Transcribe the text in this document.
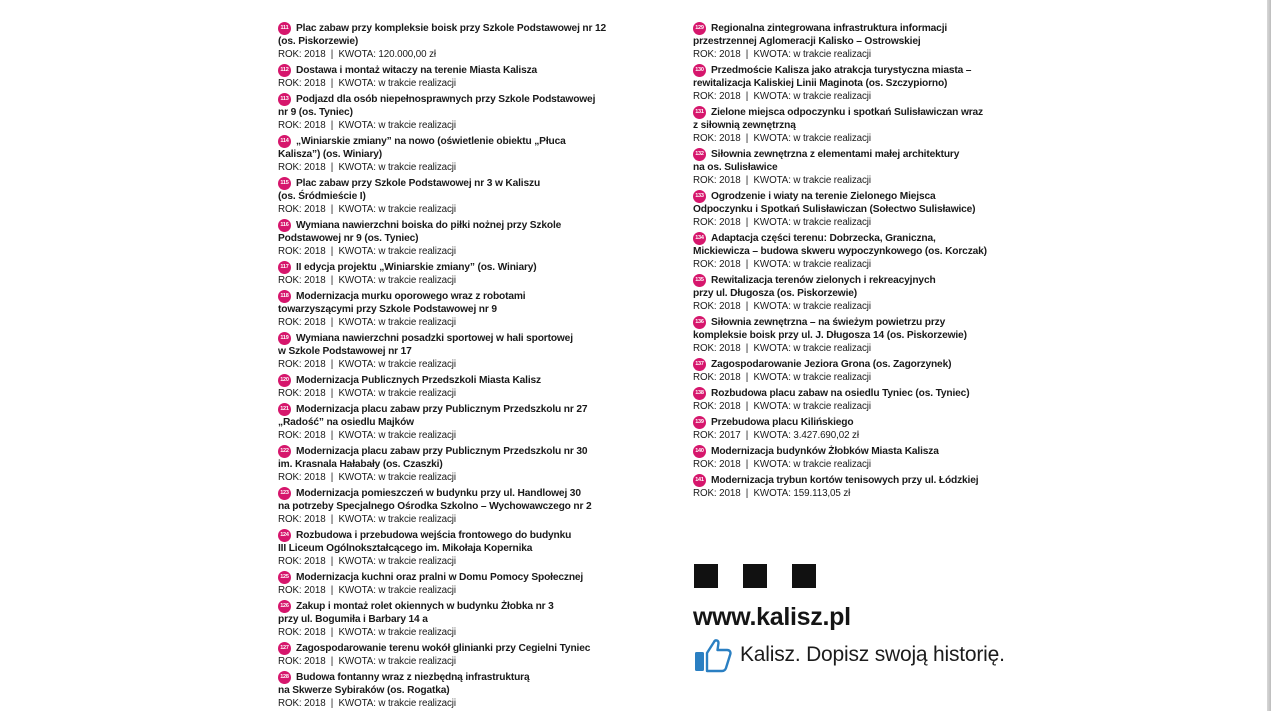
111 Plac zabaw przy kompleksie boisk przy Szkole Podstawowej nr 12
(os. Piskorzewie)
ROK: 2018  |  KWOTA: 120.000,00 zł
112 Dostawa i montaż witaczy na terenie Miasta Kalisza
ROK: 2018  |  KWOTA: w trakcie realizacji
113 Podjazd dla osób niepełnosprawnych przy Szkole Podstawowej
nr 9 (os. Tyniec)
ROK: 2018  |  KWOTA: w trakcie realizacji
114 „Winiarskie zmiany” na nowo (oświetlenie obiektu „Płuca
Kalisza”) (os. Winiary)
ROK: 2018  |  KWOTA: w trakcie realizacji
115 Plac zabaw przy Szkole Podstawowej nr 3 w Kaliszu
(os. Śródmieście I)
ROK: 2018  |  KWOTA: w trakcie realizacji
116 Wymiana nawierzchni boiska do piłki nożnej przy Szkole
Podstawowej nr 9 (os. Tyniec)
ROK: 2018  |  KWOTA: w trakcie realizacji
117 II edycja projektu „Winiarskie zmiany” (os. Winiary)
ROK: 2018  |  KWOTA: w trakcie realizacji
118 Modernizacja murku oporowego wraz z robotami
towarzyszącymi przy Szkole Podstawowej nr 9
ROK: 2018  |  KWOTA: w trakcie realizacji
119 Wymiana nawierzchni posadzki sportowej w hali sportowej
w Szkole Podstawowej nr 17
ROK: 2018  |  KWOTA: w trakcie realizacji
120 Modernizacja Publicznych Przedszkoli Miasta Kalisz
ROK: 2018  |  KWOTA: w trakcie realizacji
121 Modernizacja placu zabaw przy Publicznym Przedszkolu nr 27
„Radość” na osiedlu Majków
ROK: 2018  |  KWOTA: w trakcie realizacji
122 Modernizacja placu zabaw przy Publicznym Przedszkolu nr 30
im. Krasnala Hałabały (os. Czaszki)
ROK: 2018  |  KWOTA: w trakcie realizacji
123 Modernizacja pomieszczeń w budynku przy ul. Handlowej 30
na potrzeby Specjalnego Ośrodka Szkolno – Wychowawczego nr 2
ROK: 2018  |  KWOTA: w trakcie realizacji
124 Rozbudowa i przebudowa wejścia frontowego do budynku
III Liceum Ogólnokształcącego im. Mikołaja Kopernika
ROK: 2018  |  KWOTA: w trakcie realizacji
125 Modernizacja kuchni oraz pralni w Domu Pomocy Społecznej
ROK: 2018  |  KWOTA: w trakcie realizacji
126 Zakup i montaż rolet okiennych w budynku Żłobka nr 3
przy ul. Bogumiła i Barbary 14 a
ROK: 2018  |  KWOTA: w trakcie realizacji
127 Zagospodarowanie terenu wokół glinianki przy Cegielni Tyniec
ROK: 2018  |  KWOTA: w trakcie realizacji
128 Budowa fontanny wraz z niezbędną infrastrukturą
na Skwerze Sybiraków (os. Rogatka)
ROK: 2018  |  KWOTA: w trakcie realizacji
129 Regionalna zintegrowana infrastruktura informacji
przestrzennej Aglomeracji Kalisko – Ostrowskiej
ROK: 2018  |  KWOTA: w trakcie realizacji
130 Przedmoście Kalisza jako atrakcja turystyczna miasta –
rewitalizacja Kaliskiej Linii Maginota (os. Szczypiorno)
ROK: 2018  |  KWOTA: w trakcie realizacji
131 Zielone miejsca odpoczynku i spotkań Sulisławiczan wraz
z siłownią zewnętrzną
ROK: 2018  |  KWOTA: w trakcie realizacji
132 Siłownia zewnętrzna z elementami małej architektury
na os. Sulisławice
ROK: 2018  |  KWOTA: w trakcie realizacji
133 Ogrodzenie i wiaty na terenie Zielonego Miejsca
Odpoczynku i Spotkań Sulisławiczan (Sołectwo Sulisławice)
ROK: 2018  |  KWOTA: w trakcie realizacji
134 Adaptacja części terenu: Dobrzecka, Graniczna,
Mickiewicza – budowa skweru wypoczynkowego (os. Korczak)
ROK: 2018  |  KWOTA: w trakcie realizacji
135 Rewitalizacja terenów zielonych i rekreacyjnych
przy ul. Długosza (os. Piskorzewie)
ROK: 2018  |  KWOTA: w trakcie realizacji
136 Siłownia zewnętrzna – na świeżym powietrzu przy
kompleksie boisk przy ul. J. Długosza 14 (os. Piskorzewie)
ROK: 2018  |  KWOTA: w trakcie realizacji
137 Zagospodarowanie Jeziora Grona (os. Zagorzynek)
ROK: 2018  |  KWOTA: w trakcie realizacji
138 Rozbudowa placu zabaw na osiedlu Tyniec (os. Tyniec)
ROK: 2018  |  KWOTA: w trakcie realizacji
139 Przebudowa placu Kilińskiego
ROK: 2017  |  KWOTA: 3.427.690,02 zł
140 Modernizacja budynków Żłobków Miasta Kalisza
ROK: 2018  |  KWOTA: w trakcie realizacji
141 Modernizacja trybun kortów tenisowych przy ul. Łódzkiej
ROK: 2018  |  KWOTA: 159.113,05 zł
www.kalisz.pl
Kalisz. Dopisz swoją historię.
